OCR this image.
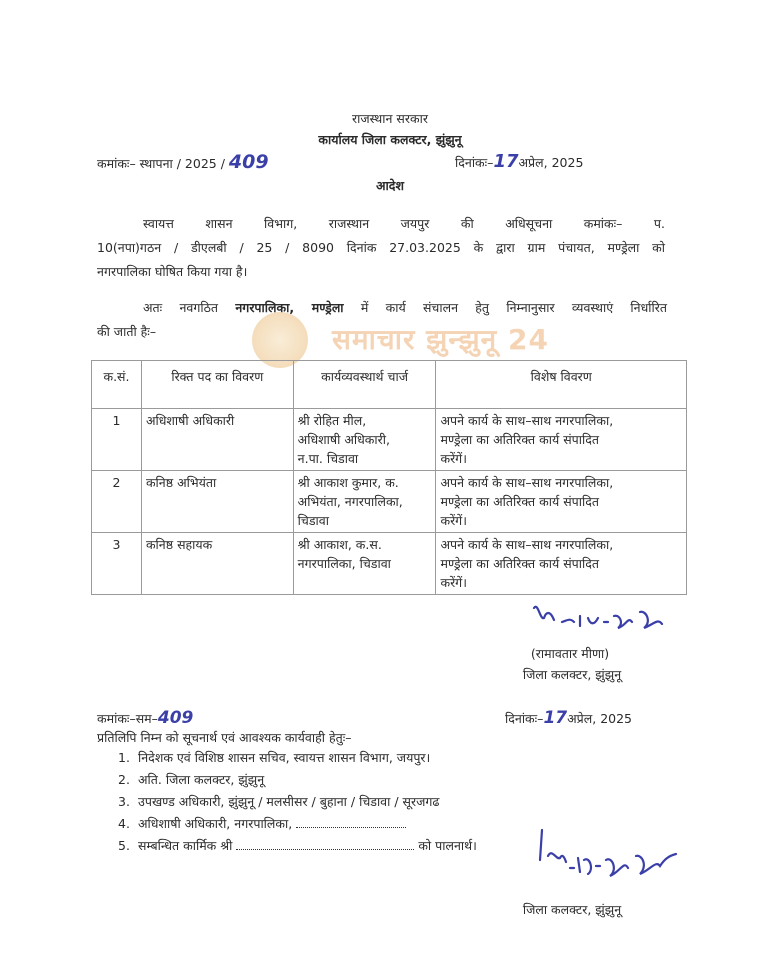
राजस्थान सरकार
कार्यालय जिला कलक्टर, झुंझुनू
कमांकः– स्थापना / 2025 / 409	दिनांकः–17अप्रेल, 2025
आदेश
स्वायत्त शासन विभाग, राजस्थान जयपुर की अधिसूचना कमांकः– प.
10(नपा)गठन / डीएलबी / 25 / 8090 दिनांक 27.03.2025 के द्वारा ग्राम पंचायत, मण्ड्रेला को
नगरपालिका घोषित किया गया है।
अतः नवगठित नगरपालिका, मण्ड्रेला में कार्य संचालन हेतु निम्नानुसार व्यवस्थाएं निर्धारित
की जाती हैः–	समाचार झुन्झुनू 24
क.सं.	रिक्त पद का विवरण	कार्यव्यवस्थार्थ चार्ज	विशेष विवरण
1	अधिशाषी अधिकारी	श्री रोहित मील,
अधिशाषी अधिकारी,
न.पा. चिडावा	अपने कार्य के साथ–साथ नगरपालिका,
मण्ड्रेला का अतिरिक्त कार्य संपादित
करेंगें।
2	कनिष्ठ अभियंता	श्री आकाश कुमार, क.
अभियंता, नगरपालिका,
चिडावा	अपने कार्य के साथ–साथ नगरपालिका,
मण्ड्रेला का अतिरिक्त कार्य संपादित
करेंगें।
3	कनिष्ठ सहायक	श्री आकाश, क.स.
नगरपालिका, चिडावा	अपने कार्य के साथ–साथ नगरपालिका,
मण्ड्रेला का अतिरिक्त कार्य संपादित
करेंगें।
(रामावतार मीणा)
जिला कलक्टर, झुंझुनू
कमांकः–सम–409	दिनांकः–17अप्रेल, 2025
प्रतिलिपि निम्न को सूचनार्थ एवं आवश्यक कार्यवाही हेतुः–
1. निदेशक एवं विशिष्ठ शासन सचिव, स्वायत्त शासन विभाग, जयपुर।
2. अति. जिला कलक्टर, झुंझुनू
3. उपखण्ड अधिकारी, झुंझुनू / मलसीसर / बुहाना / चिडावा / सूरजगढ
4. अधिशाषी अधिकारी, नगरपालिका,
5. सम्बन्धित कार्मिक श्री	को पालनार्थ।
जिला कलक्टर, झुंझुनू
